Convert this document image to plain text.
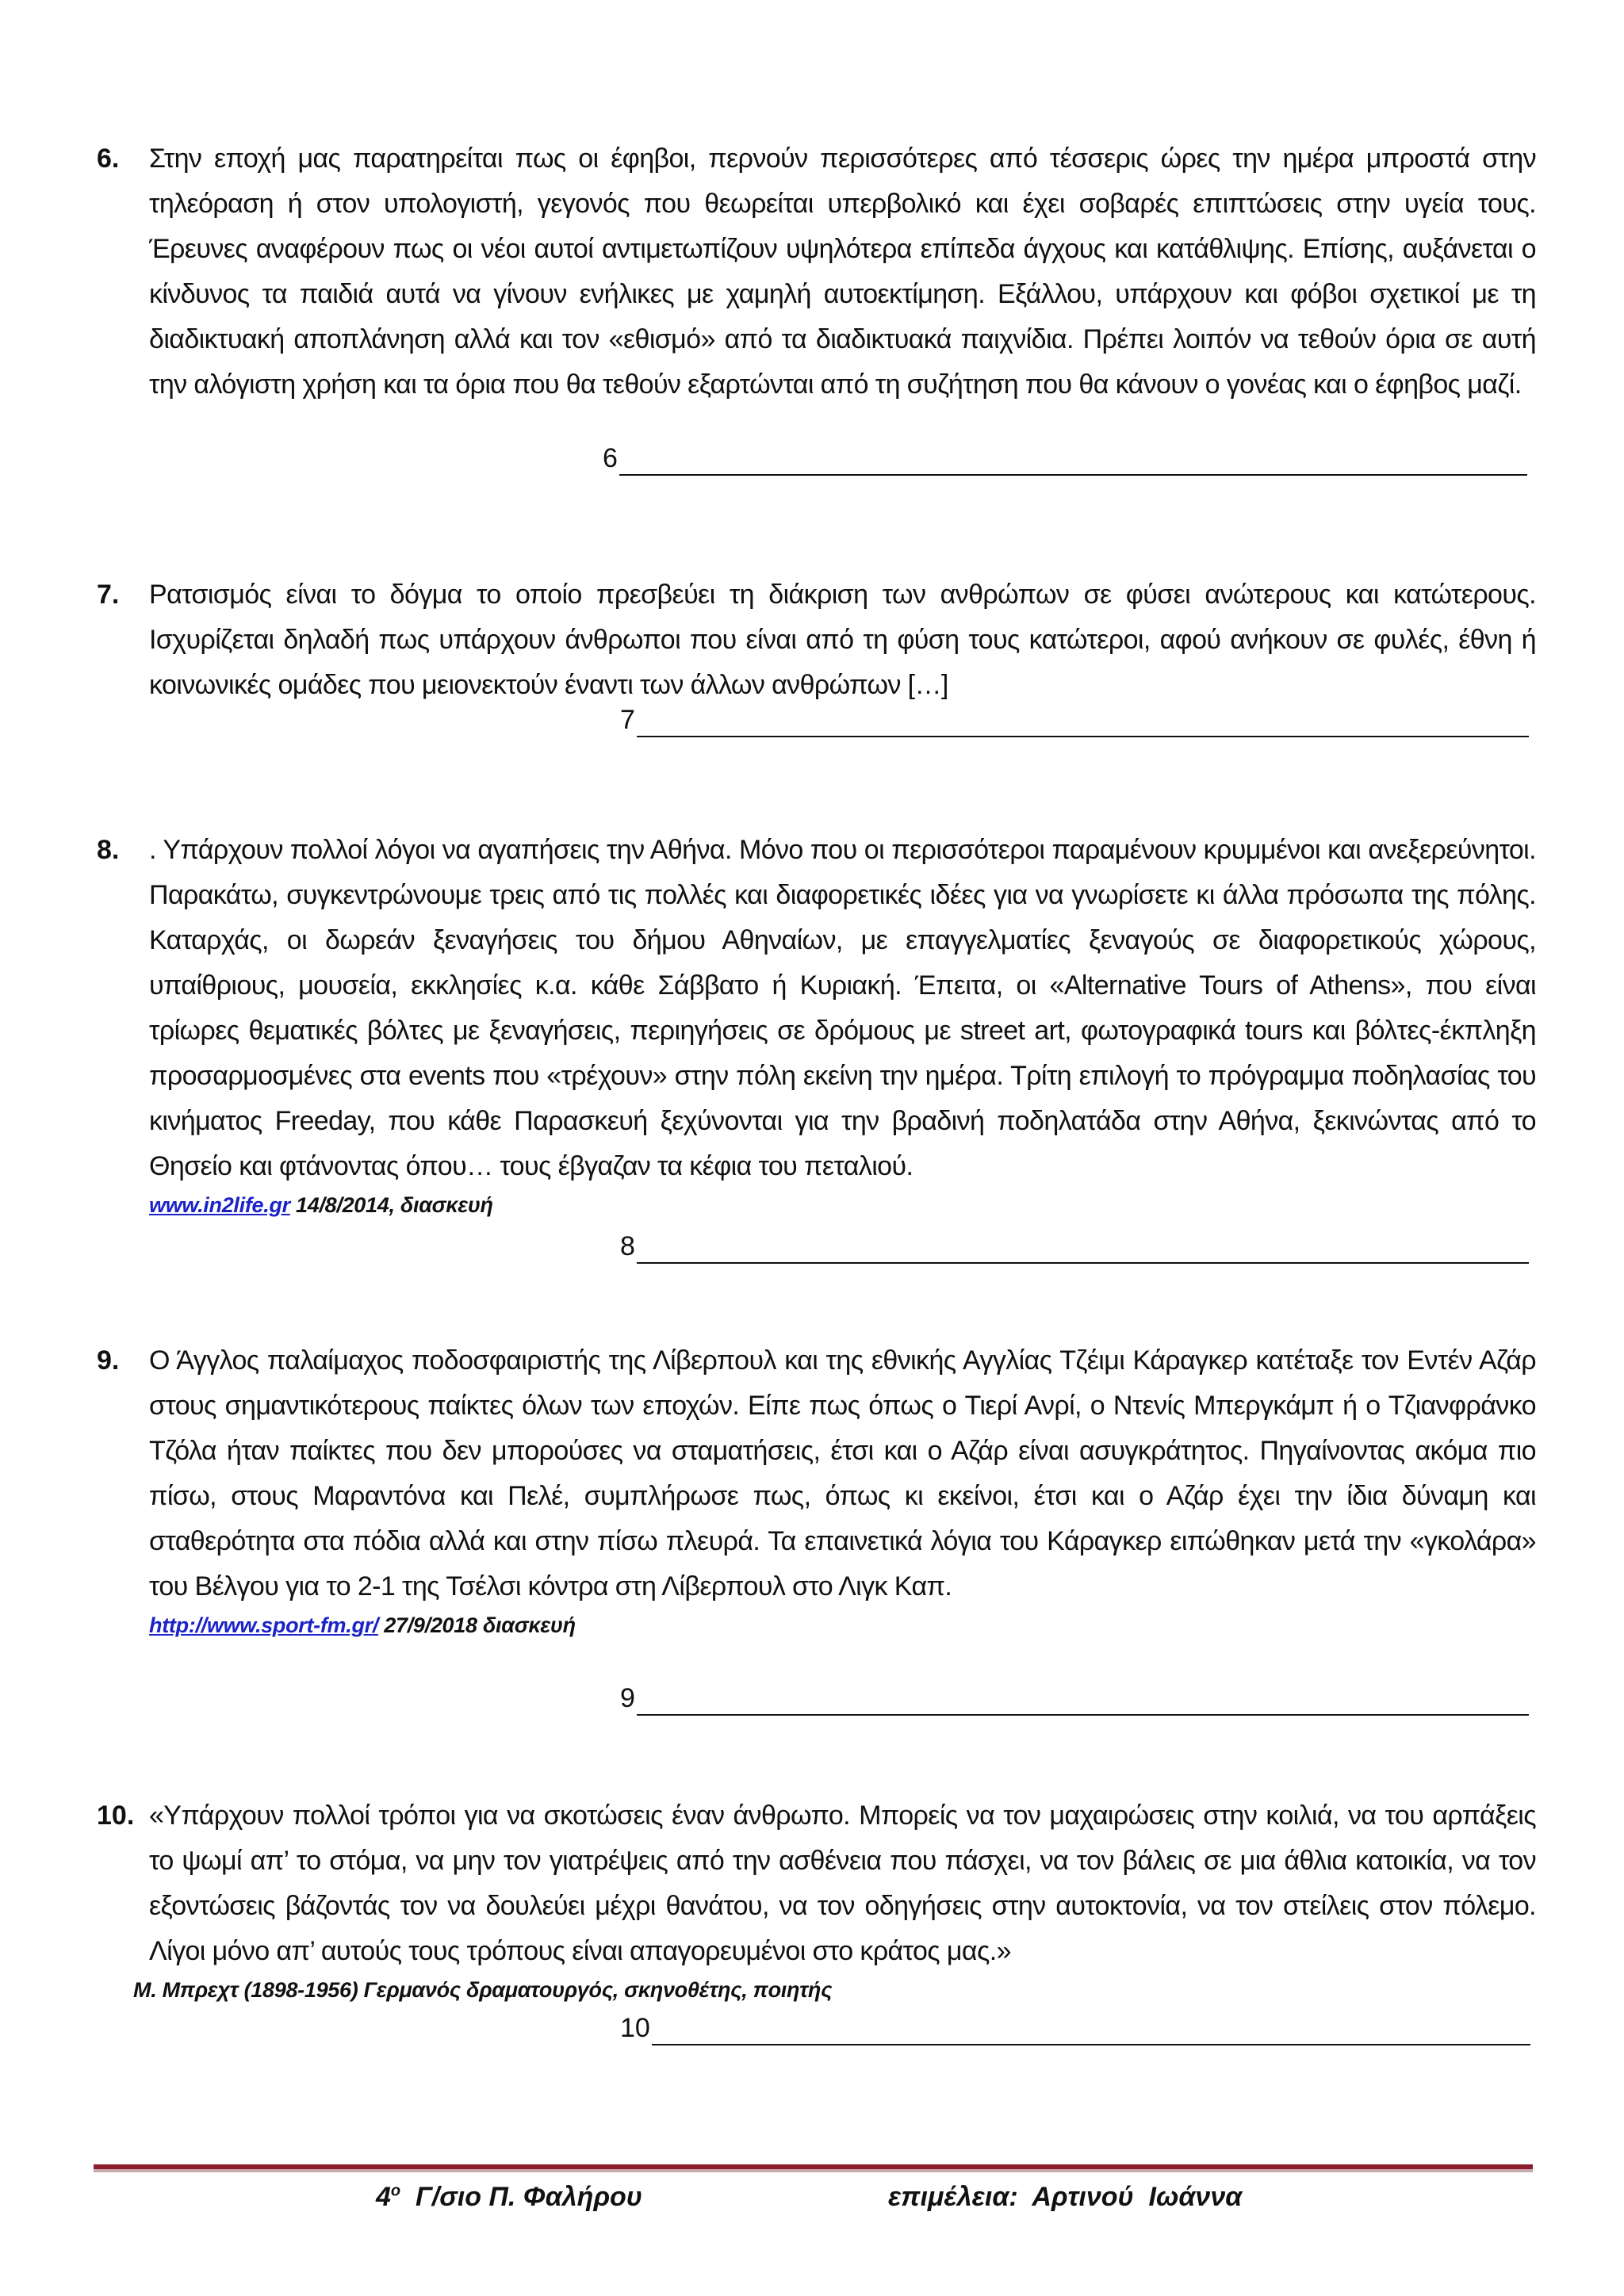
6. Στην εποχή μας παρατηρείται πως οι έφηβοι, περνούν περισσότερες από τέσσερις ώρες την ημέρα μπροστά στην τηλεόραση ή στον υπολογιστή, γεγονός που θεωρείται υπερβολικό και έχει σοβαρές επιπτώσεις στην υγεία τους. Έρευνες αναφέρουν πως οι νέοι αυτοί αντιμετωπίζουν υψηλότερα επίπεδα άγχους και κατάθλιψης. Επίσης, αυξάνεται ο κίνδυνος τα παιδιά αυτά να γίνουν ενήλικες με χαμηλή αυτοεκτίμηση. Εξάλλου, υπάρχουν και φόβοι σχετικοί με τη διαδικτυακή αποπλάνηση αλλά και τον «εθισμό» από τα διαδικτυακά παιχνίδια. Πρέπει λοιπόν να τεθούν όρια σε αυτή την αλόγιστη χρήση και τα όρια που θα τεθούν εξαρτώνται από τη συζήτηση που θα κάνουν ο γονέας και ο έφηβος μαζί.
6
7. Ρατσισμός είναι το δόγμα το οποίο πρεσβεύει τη διάκριση των ανθρώπων σε φύσει ανώτερους και κατώτερους. Ισχυρίζεται δηλαδή πως υπάρχουν άνθρωποι που είναι από τη φύση τους κατώτεροι, αφού ανήκουν σε φυλές, έθνη ή κοινωνικές ομάδες που μειονεκτούν έναντι των άλλων ανθρώπων […]
7
8. . Υπάρχουν πολλοί λόγοι να αγαπήσεις την Αθήνα. Μόνο που οι περισσότεροι παραμένουν κρυμμένοι και ανεξερεύνητοι. Παρακάτω, συγκεντρώνουμε τρεις από τις πολλές και διαφορετικές ιδέες για να γνωρίσετε κι άλλα πρόσωπα της πόλης. Καταρχάς, οι δωρεάν ξεναγήσεις του δήμου Αθηναίων, με επαγγελματίες ξεναγούς σε διαφορετικούς χώρους, υπαίθριους, μουσεία, εκκλησίες κ.α. κάθε Σάββατο ή Κυριακή. Έπειτα, οι «Alternative Tours of Athens», που είναι τρίωρες θεματικές βόλτες με ξεναγήσεις, περιηγήσεις σε δρόμους με street art, φωτογραφικά tours και βόλτες-έκπληξη προσαρμοσμένες στα events που «τρέχουν» στην πόλη εκείνη την ημέρα. Τρίτη επιλογή το πρόγραμμα ποδηλασίας του κινήματος Freeday, που κάθε Παρασκευή ξεχύνονται για την βραδινή ποδηλατάδα στην Αθήνα, ξεκινώντας από το Θησείο και φτάνοντας όπου… τους έβγαζαν τα κέφια του πεταλιού.
www.in2life.gr 14/8/2014, διασκευή
8
9. Ο Άγγλος παλαίμαχος ποδοσφαιριστής της Λίβερπουλ και της εθνικής Αγγλίας Τζέιμι Κάραγκερ κατέταξε τον Εντέν Αζάρ στους σημαντικότερους παίκτες όλων των εποχών. Είπε πως όπως ο Τιερί Ανρί, ο Ντενίς Μπεργκάμπ ή ο Τζιανφράνκο Τζόλα ήταν παίκτες που δεν μπορούσες να σταματήσεις, έτσι και ο Αζάρ είναι ασυγκράτητος. Πηγαίνοντας ακόμα πιο πίσω, στους Μαραντόνα και Πελέ, συμπλήρωσε πως, όπως κι εκείνοι, έτσι και ο Αζάρ έχει την ίδια δύναμη και σταθερότητα στα πόδια αλλά και στην πίσω πλευρά. Τα επαινετικά λόγια του Κάραγκερ ειπώθηκαν μετά την «γκολάρα» του Βέλγου για το 2-1 της Τσέλσι κόντρα στη Λίβερπουλ στο Λιγκ Καπ.
http://www.sport-fm.gr/ 27/9/2018 διασκευή
9
10. «Υπάρχουν πολλοί τρόποι για να σκοτώσεις έναν άνθρωπο. Μπορείς να τον μαχαιρώσεις στην κοιλιά, να του αρπάξεις το ψωμί απ’ το στόμα, να μην τον γιατρέψεις από την ασθένεια που πάσχει, να τον βάλεις σε μια άθλια κατοικία, να τον εξοντώσεις βάζοντάς τον να δουλεύει μέχρι θανάτου, να τον οδηγήσεις στην αυτοκτονία, να τον στείλεις στον πόλεμο. Λίγοι μόνο απ’ αυτούς τους τρόπους είναι απαγορευμένοι στο κράτος μας.»
Μ. Μπρεχτ (1898-1956) Γερμανός δραματουργός, σκηνοθέτης, ποιητής
10
$4^o$  Γ/σιο Π. Φαλήρου	επιμέλεια:  Αρτινού  Ιωάννα
